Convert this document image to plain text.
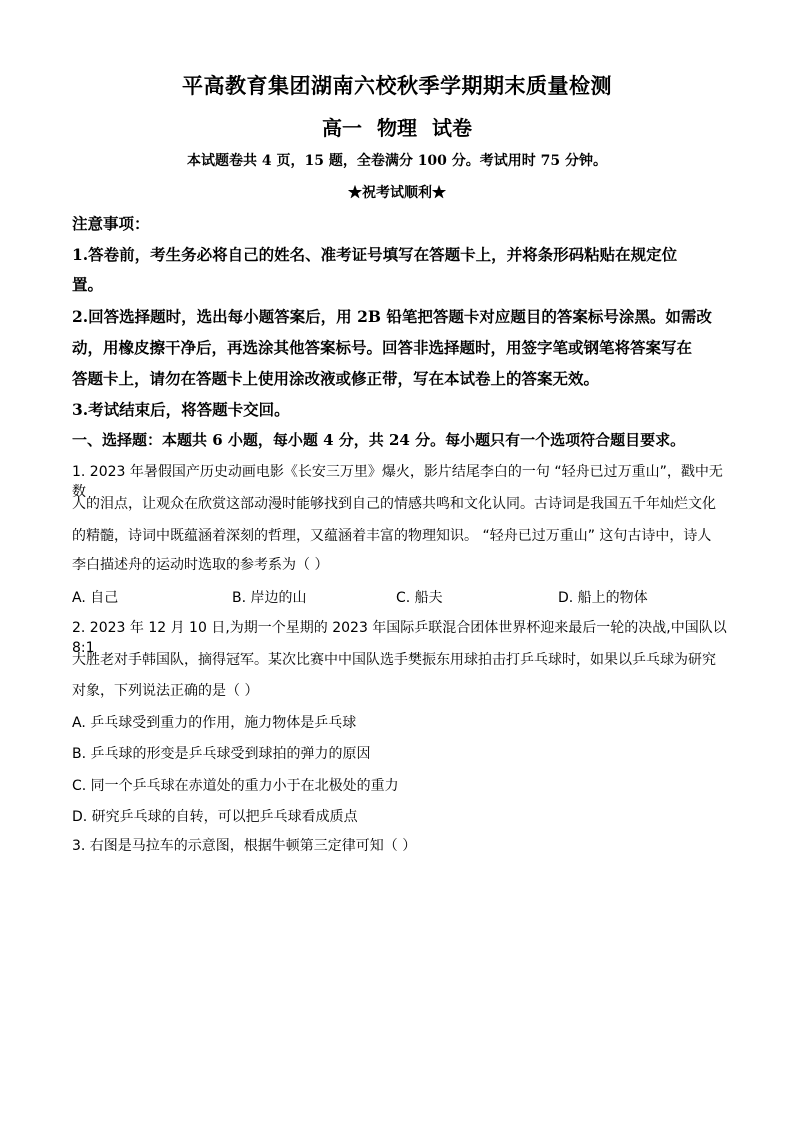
平高教育集团湖南六校秋季学期期末质量检测
高一 物理 试卷
本试题卷共 4 页，15 题，全卷满分 100 分。考试用时 75 分钟。
★祝考试顺利★
注意事项：
1.答卷前，考生务必将自己的姓名、准考证号填写在答题卡上，并将条形码粘贴在规定位
置。
2.回答选择题时，选出每小题答案后，用 2B 铅笔把答题卡对应题目的答案标号涂黑。如需改
动，用橡皮擦干净后，再选涂其他答案标号。回答非选择题时，用签字笔或钢笔将答案写在
答题卡上，请勿在答题卡上使用涂改液或修正带，写在本试卷上的答案无效。
3.考试结束后，将答题卡交回。
一、选择题：本题共 6 小题，每小题 4 分，共 24 分。每小题只有一个选项符合题目要求。
1. 2023 年暑假国产历史动画电影《长安三万里》爆火，影片结尾李白的一句 “轻舟已过万重山”，戳中无数
人的泪点，让观众在欣赏这部动漫时能够找到自己的情感共鸣和文化认同。古诗词是我国五千年灿烂文化
的精髓，诗词中既蕴涵着深刻的哲理，又蕴涵着丰富的物理知识。 “轻舟已过万重山” 这句古诗中，诗人
李白描述舟的运动时选取的参考系为（ ）
A. 自己	B. 岸边的山	C. 船夫	D. 船上的物体
2. 2023 年 12 月 10 日,为期一个星期的 2023 年国际乒联混合团体世界杯迎来最后一轮的决战,中国队以 8:1
大胜老对手韩国队，摘得冠军。某次比赛中中国队选手樊振东用球拍击打乒乓球时，如果以乒乓球为研究
对象，下列说法正确的是（ ）
A. 乒乓球受到重力的作用，施力物体是乒乓球
B. 乒乓球的形变是乒乓球受到球拍的弹力的原因
C. 同一个乒乓球在赤道处的重力小于在北极处的重力
D. 研究乒乓球的自转，可以把乒乓球看成质点
3. 右图是马拉车的示意图，根据牛顿第三定律可知（ ）
